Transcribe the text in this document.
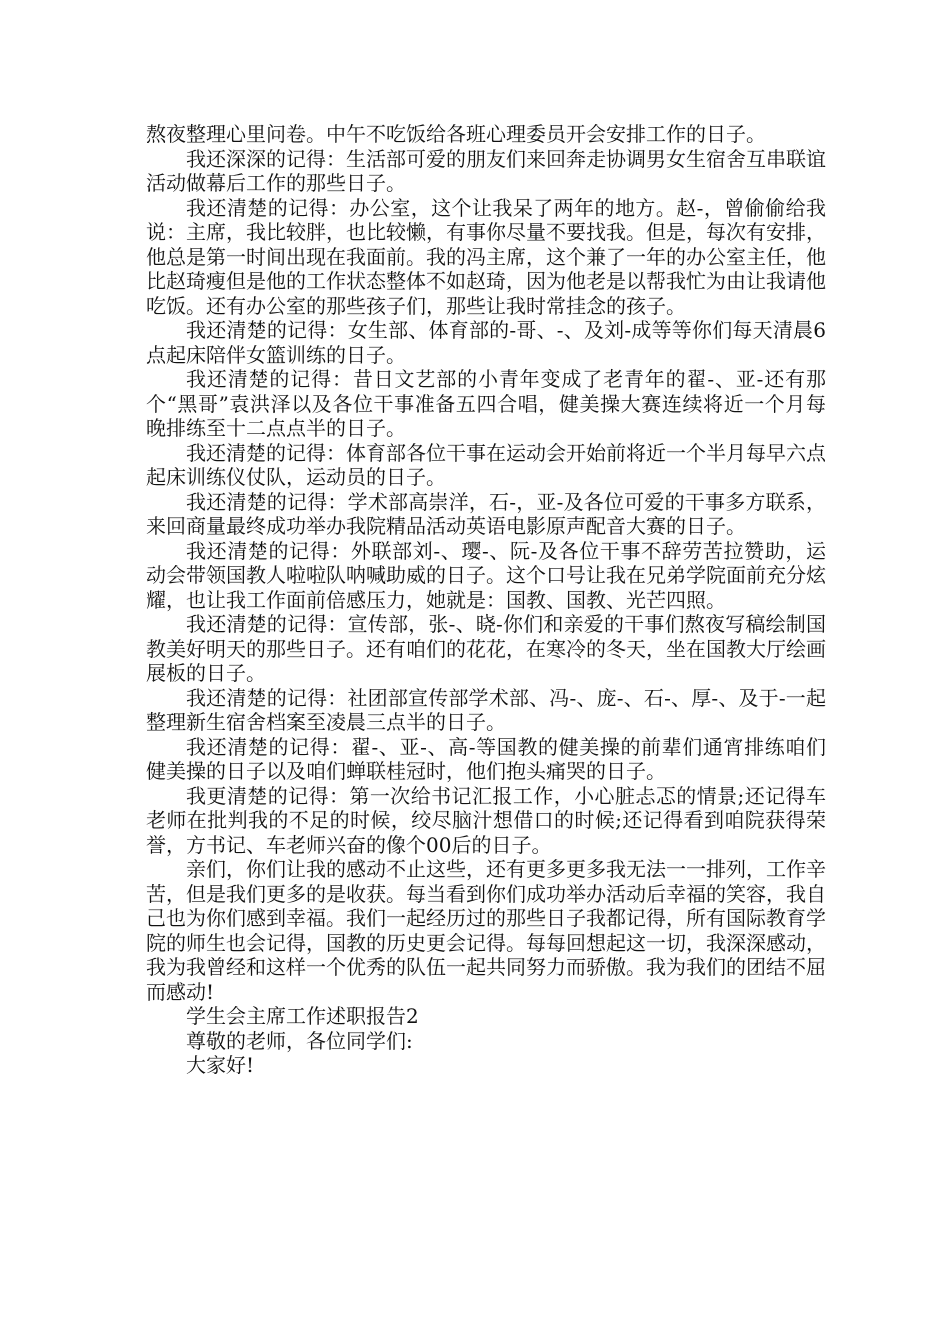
熬夜整理心里问卷。中午不吃饭给各班心理委员开会安排工作的日子。

我还深深的记得：生活部可爱的朋友们来回奔走协调男女生宿舍互串联谊活动做幕后工作的那些日子。

我还清楚的记得：办公室，这个让我呆了两年的地方。赵-，曾偷偷给我说：主席，我比较胖，也比较懒，有事你尽量不要找我。但是，每次有安排，他总是第一时间出现在我面前。我的冯主席，这个兼了一年的办公室主任，他比赵琦瘦但是他的工作状态整体不如赵琦，因为他老是以帮我忙为由让我请他吃饭。还有办公室的那些孩子们，那些让我时常挂念的孩子。

我还清楚的记得：女生部、体育部的-哥、-、及刘-成等等你们每天清晨6点起床陪伴女篮训练的日子。

我还清楚的记得：昔日文艺部的小青年变成了老青年的翟-、亚-还有那个“黑哥”袁洪泽以及各位干事准备五四合唱，健美操大赛连续将近一个月每晚排练至十二点点半的日子。

我还清楚的记得：体育部各位干事在运动会开始前将近一个半月每早六点起床训练仪仗队，运动员的日子。

我还清楚的记得：学术部高崇洋，石-，亚-及各位可爱的干事多方联系，来回商量最终成功举办我院精品活动英语电影原声配音大赛的日子。

我还清楚的记得：外联部刘-、璎-、阮-及各位干事不辞劳苦拉赞助，运动会带领国教人啦啦队呐喊助威的日子。这个口号让我在兄弟学院面前充分炫耀，也让我工作面前倍感压力，她就是：国教、国教、光芒四照。

我还清楚的记得：宣传部，张-、晓-你们和亲爱的干事们熬夜写稿绘制国教美好明天的那些日子。还有咱们的花花，在寒冷的冬天，坐在国教大厅绘画展板的日子。

我还清楚的记得：社团部宣传部学术部、冯-、庞-、石-、厚-、及于-一起整理新生宿舍档案至凌晨三点半的日子。

我还清楚的记得：翟-、亚-、高-等国教的健美操的前辈们通宵排练咱们健美操的日子以及咱们蝉联桂冠时，他们抱头痛哭的日子。

我更清楚的记得：第一次给书记汇报工作，小心脏忐忑的情景;还记得车老师在批判我的不足的时候，绞尽脑汁想借口的时候;还记得看到咱院获得荣誉，方书记、车老师兴奋的像个00后的日子。

亲们，你们让我的感动不止这些，还有更多更多我无法一一排列，工作辛苦，但是我们更多的是收获。每当看到你们成功举办活动后幸福的笑容，我自己也为你们感到幸福。我们一起经历过的那些日子我都记得，所有国际教育学院的师生也会记得，国教的历史更会记得。每每回想起这一切，我深深感动，我为我曾经和这样一个优秀的队伍一起共同努力而骄傲。我为我们的团结不屈而感动!

学生会主席工作述职报告2

尊敬的老师，各位同学们:

大家好!
